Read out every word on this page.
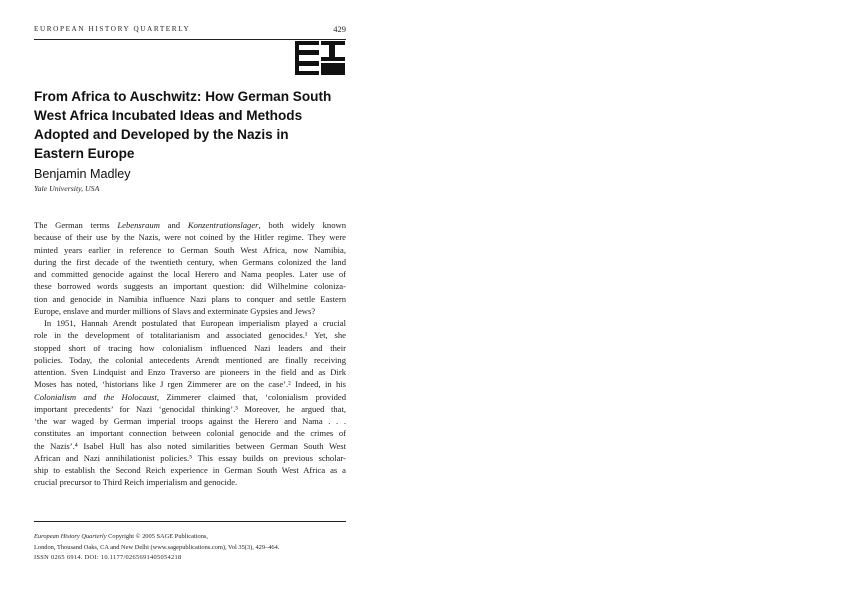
EUROPEAN HISTORY QUARTERLY	429
From Africa to Auschwitz: How German South
West Africa Incubated Ideas and Methods
Adopted and Developed by the Nazis in
Eastern Europe
Benjamin Madley
Yale University, USA
The German terms Lebensraum and Konzentrationslager, both widely known
because of their use by the Nazis, were not coined by the Hitler regime. They were
minted years earlier in reference to German South West Africa, now Namibia,
during the first decade of the twentieth century, when Germans colonized the land
and committed genocide against the local Herero and Nama peoples. Later use of
these borrowed words suggests an important question: did Wilhelmine coloniza-
tion and genocide in Namibia influence Nazi plans to conquer and settle Eastern
Europe, enslave and murder millions of Slavs and exterminate Gypsies and Jews?
In 1951, Hannah Arendt postulated that European imperialism played a crucial
role in the development of totalitarianism and associated genocides.¹ Yet, she
stopped short of tracing how colonialism influenced Nazi leaders and their
policies. Today, the colonial antecedents Arendt mentioned are finally receiving
attention. Sven Lindquist and Enzo Traverso are pioneers in the field and as Dirk
Moses has noted, ‘historians like J rgen Zimmerer are on the case’.² Indeed, in his
Colonialism and the Holocaust, Zimmerer claimed that, ‘colonialism provided
important precedents’ for Nazi ‘genocidal thinking’.³ Moreover, he argued that,
‘the war waged by German imperial troops against the Herero and Nama . . .
constitutes an important connection between colonial genocide and the crimes of
the Nazis’.⁴ Isabel Hull has also noted similarities between German South West
African and Nazi annihilationist policies.⁵ This essay builds on previous scholar-
ship to establish the Second Reich experience in German South West Africa as a
crucial precursor to Third Reich imperialism and genocide.
European History Quarterly Copyright © 2005 SAGE Publications,
London, Thousand Oaks, CA and New Delhi (www.sagepublications.com), Vol 35(3), 429–464.
ISSN 0265 6914. DOI: 10.1177/0265691405054218
